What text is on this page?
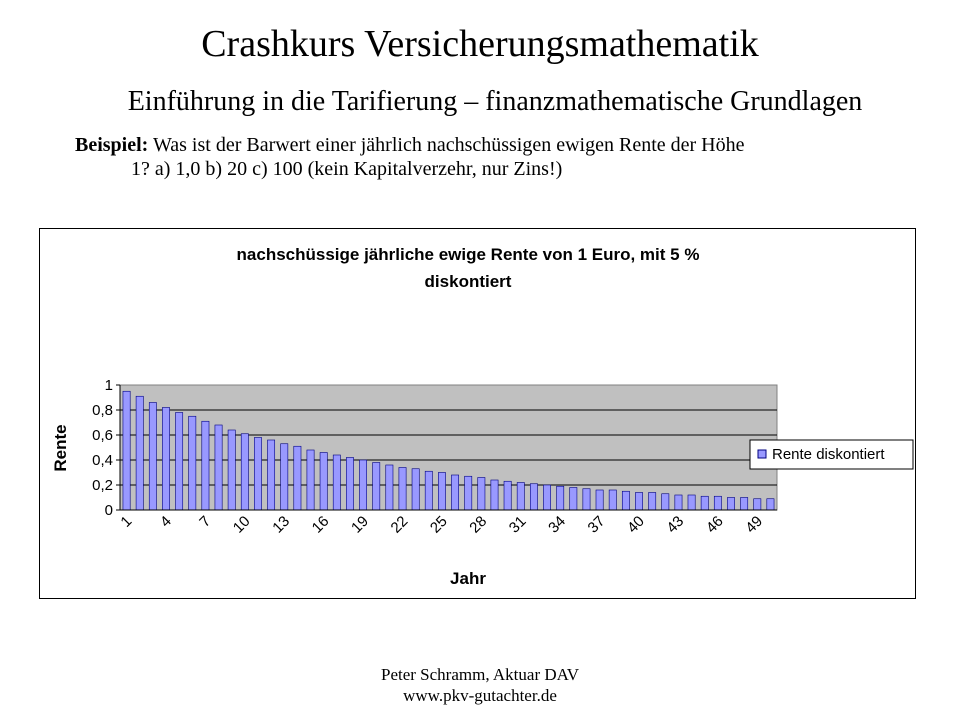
Crashkurs Versicherungsmathematik
Einführung in die Tarifierung – finanzmathematische Grundlagen
Beispiel: Was ist der Barwert einer jährlich nachschüssigen ewigen Rente der Höhe
1? a) 1,0 b) 20 c) 100 (kein Kapitalverzehr, nur Zins!)
nachschüssige jährliche ewige Rente von 1 Euro, mit 5 %
diskontiert
0
0,2
0,4
0,6
0,8
1
1 4 7 10 13 16 19 22 25 28 31 34 37 40 43 46 49
Rente
Jahr
Rente diskontiert
Peter Schramm, Aktuar DAV
www.pkv-gutachter.de
